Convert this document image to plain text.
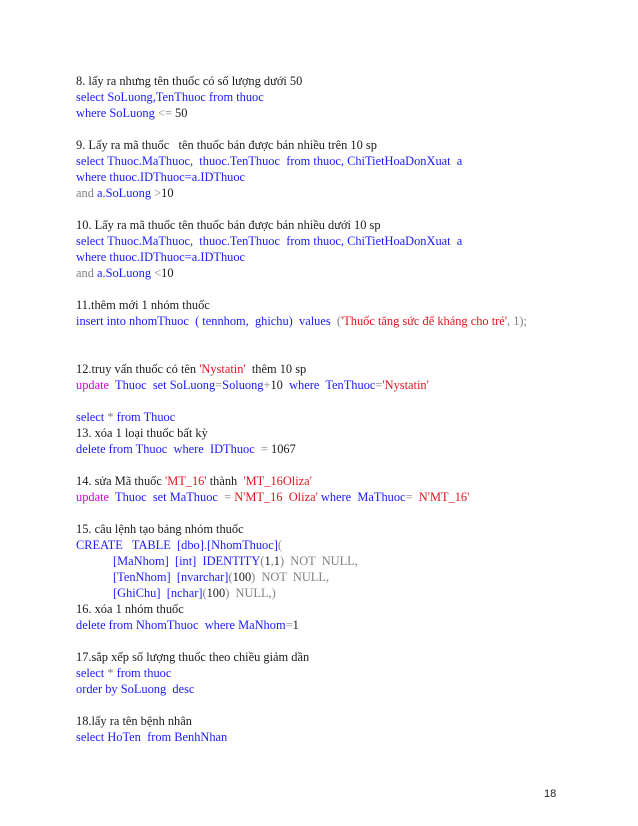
8. lấy ra nhưng tên thuốc có số lượng dưới 50
select SoLuong,TenThuoc from thuoc
where SoLuong <= 50
9. Lấy ra mã thuốc   tên thuốc bán được bán nhiều trên 10 sp
select Thuoc.MaThuoc,  thuoc.TenThuoc  from thuoc, ChiTietHoaDonXuat  a
where thuoc.IDThuoc=a.IDThuoc
and a.SoLuong >10
10. Lấy ra mã thuốc tên thuốc bán được bán nhiều dưới 10 sp
select Thuoc.MaThuoc,  thuoc.TenThuoc  from thuoc, ChiTietHoaDonXuat  a
where thuoc.IDThuoc=a.IDThuoc
and a.SoLuong <10
11.thêm mới 1 nhóm thuốc
insert into nhomThuoc  ( tennhom,  ghichu)  values  ('Thuốc tăng sức để kháng cho trẻ', 1);
12.truy vấn thuốc có tên 'Nystatin'  thêm 10 sp
update  Thuoc  set SoLuong=Soluong+10  where  TenThuoc='Nystatin'
select * from Thuoc
13. xóa 1 loại thuốc bất kỳ
delete from Thuoc  where  IDThuoc  = 1067
14. sửa Mã thuốc 'MT_16' thành  'MT_16Oliza'
update  Thuoc  set MaThuoc  = N'MT_16  Oliza' where  MaThuoc=  N'MT_16'
15. câu lệnh tạo bảng nhóm thuốc
CREATE   TABLE  [dbo].[NhomThuoc](
[MaNhom]  [int]  IDENTITY(1,1)  NOT  NULL,
[TenNhom]  [nvarchar](100)  NOT  NULL,
[GhiChu]  [nchar](100)  NULL,)
16. xóa 1 nhóm thuốc
delete from NhomThuoc  where MaNhom=1
17.sắp xếp số lượng thuốc theo chiều giảm dần
select * from thuoc
order by SoLuong  desc
18.lấy ra tên bệnh nhân
select HoTen  from BenhNhan
18
